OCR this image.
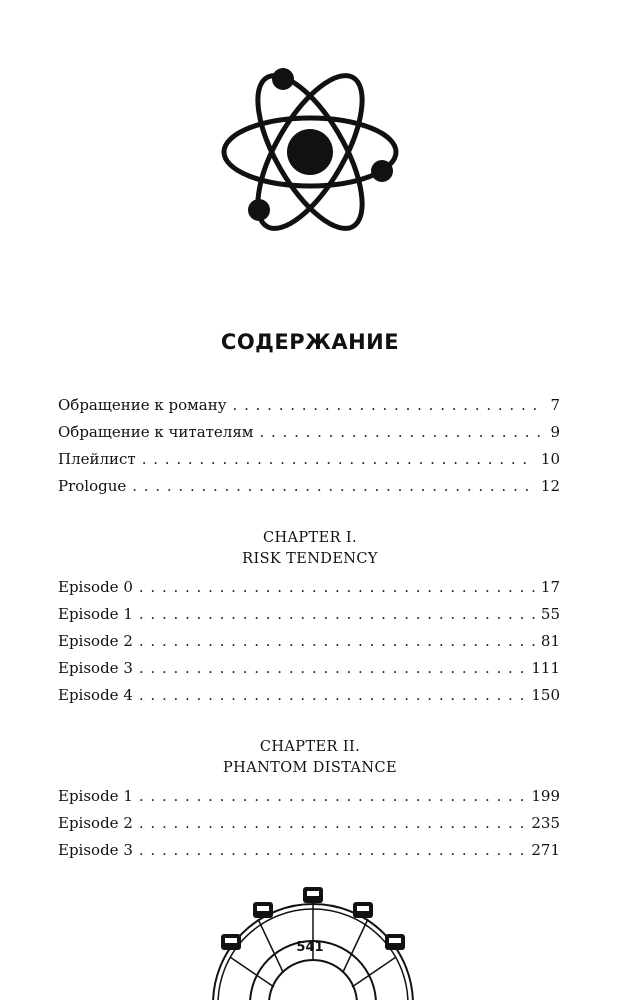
СОДЕРЖАНИЕ
Обращение к роману . . .	7
Обращение к читателям . . .	9
Плейлист . . .	10
Prologue . . .	12
CHAPTER I.
RISK TENDENCY
Episode 0 . . .	17
Episode 1 . . .	55
Episode 2 . . .	81
Episode 3 . . .	111
Episode 4 . . .	150
CHAPTER II.
PHANTOM DISTANCE
Episode 1 . . .	199
Episode 2 . . .	235
Episode 3 . . .	271
541
